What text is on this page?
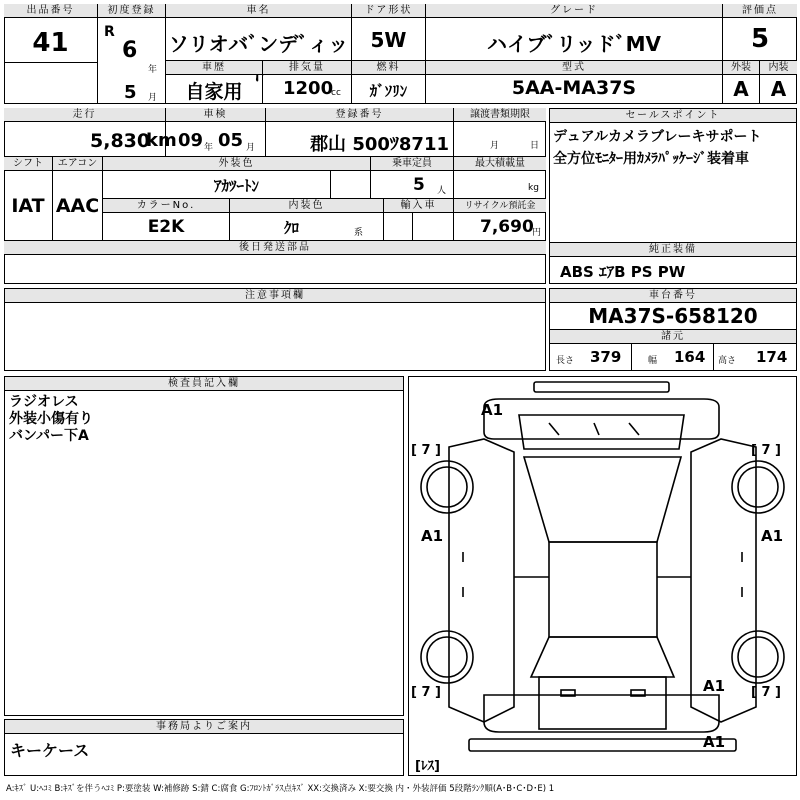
出品番号
41
初度登録
R
6
年
5 月
車名
ソリオバﾞンデﾞィッ
ドア形状
5W
グレード
ハイブﾞリッドﾞMV
評価点
5
車歴
自家用
排気量
1200
cc
燃料
ｶﾞｿﾘﾝ
型式
5AA-MA37S
外装
A
内装
A
走行
5,830
km
車検
09 年 05 月
登録番号
郡山 500ﾂ8711
譲渡書類期限
月	日
シフト
IAT
エアコン
AAC
外装色
ｱｶﾂｰﾄﾝ
乗車定員
5 人
最大積載量
kg
カラーNo.
E2K
内装色
ｸﾛ	系
輸入車	リサイクル預託金
7,690
円
後日発送部品
セールスポイント
デュアルカメラブレーキサポート
全方位ﾓﾆﾀｰ用ｶﾒﾗﾊﾟｯｹｰｼﾞ装着車
純正装備
ABS ｴｱB PS PW
注意事項欄	車台番号
MA37S-658120
諸元
長さ 379	幅 164 高さ 174
検査員記入欄
ラジオレス
外装小傷有り
バンパー下A
事務局よりご案内
キーケース
A1
A1	A1
A1
A1
[ 7 ]	[ 7 ]
[ 7 ]	[ 7 ]
[ﾚｽ]
A:ｷｽﾞ U:ﾍｺﾐ B:ｷｽﾞを伴うﾍｺﾐ P:要塗装 W:補修跡 S:錆 C:腐食 G:ﾌﾛﾝﾄｶﾞﾗｽ点ｷｽﾞ XX:交換済み X:要交換 内・外装評価 5段階ﾗﾝｸ順(A･B･C･D･E) 1
